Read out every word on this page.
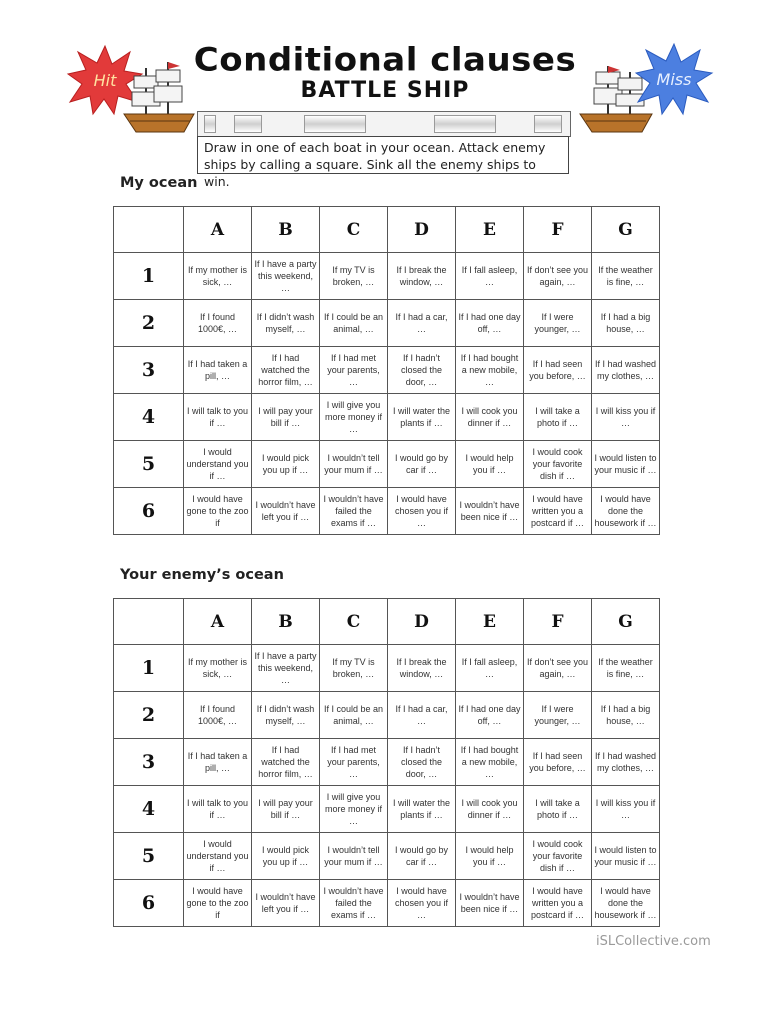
Hit
Conditional clauses
BATTLE SHIP	Miss
Draw in one of each boat in your ocean. Attack enemy ships by calling a square. Sink all the enemy ships to win.
My ocean
	A	B	C	D	E	F	G
1	If my mother is sick, …	If I have a party this weekend, …	If my TV is broken, …	If I break the window, …	If I fall asleep, …	If don’t see you again, …	If the weather is fine, …
2	If I found 1000€, …	If I didn’t wash myself, …	If I could be an animal, …	If I had a car, …	If I had one day off, …	If I were younger, …	If I had a big house, …
3	If I had taken a pill, …	If I had watched the horror film, …	If I had met your parents, …	If I hadn’t closed the door, …	If I had bought a new mobile, …	If I had seen you before, …	If I had washed my clothes, …
4	I will talk to you if …	I will pay your bill if …	I will give you more money if …	I will water the plants if …	I will cook you dinner if …	I will take a photo if …	I will kiss you if …
5	I would understand you if …	I would pick you up if …	I wouldn’t tell your mum if …	I would go by car if …	I would help you if …	I would cook your favorite dish if …	I would listen to your music if …
6	I would have gone to the zoo if	I wouldn’t have left you if …	I wouldn’t have failed the exams if …	I would have chosen you if …	I wouldn’t have been nice if …	I would have written you a postcard if …	I would have done the housework if …
Your enemy’s ocean
	A	B	C	D	E	F	G
1	If my mother is sick, …	If I have a party this weekend, …	If my TV is broken, …	If I break the window, …	If I fall asleep, …	If don’t see you again, …	If the weather is fine, …
2	If I found 1000€, …	If I didn’t wash myself, …	If I could be an animal, …	If I had a car, …	If I had one day off, …	If I were younger, …	If I had a big house, …
3	If I had taken a pill, …	If I had watched the horror film, …	If I had met your parents, …	If I hadn’t closed the door, …	If I had bought a new mobile, …	If I had seen you before, …	If I had washed my clothes, …
4	I will talk to you if …	I will pay your bill if …	I will give you more money if …	I will water the plants if …	I will cook you dinner if …	I will take a photo if …	I will kiss you if …
5	I would understand you if …	I would pick you up if …	I wouldn’t tell your mum if …	I would go by car if …	I would help you if …	I would cook your favorite dish if …	I would listen to your music if …
6	I would have gone to the zoo if	I wouldn’t have left you if …	I wouldn’t have failed the exams if …	I would have chosen you if …	I wouldn’t have been nice if …	I would have written you a postcard if …	I would have done the housework if …
iSLCollective.com
